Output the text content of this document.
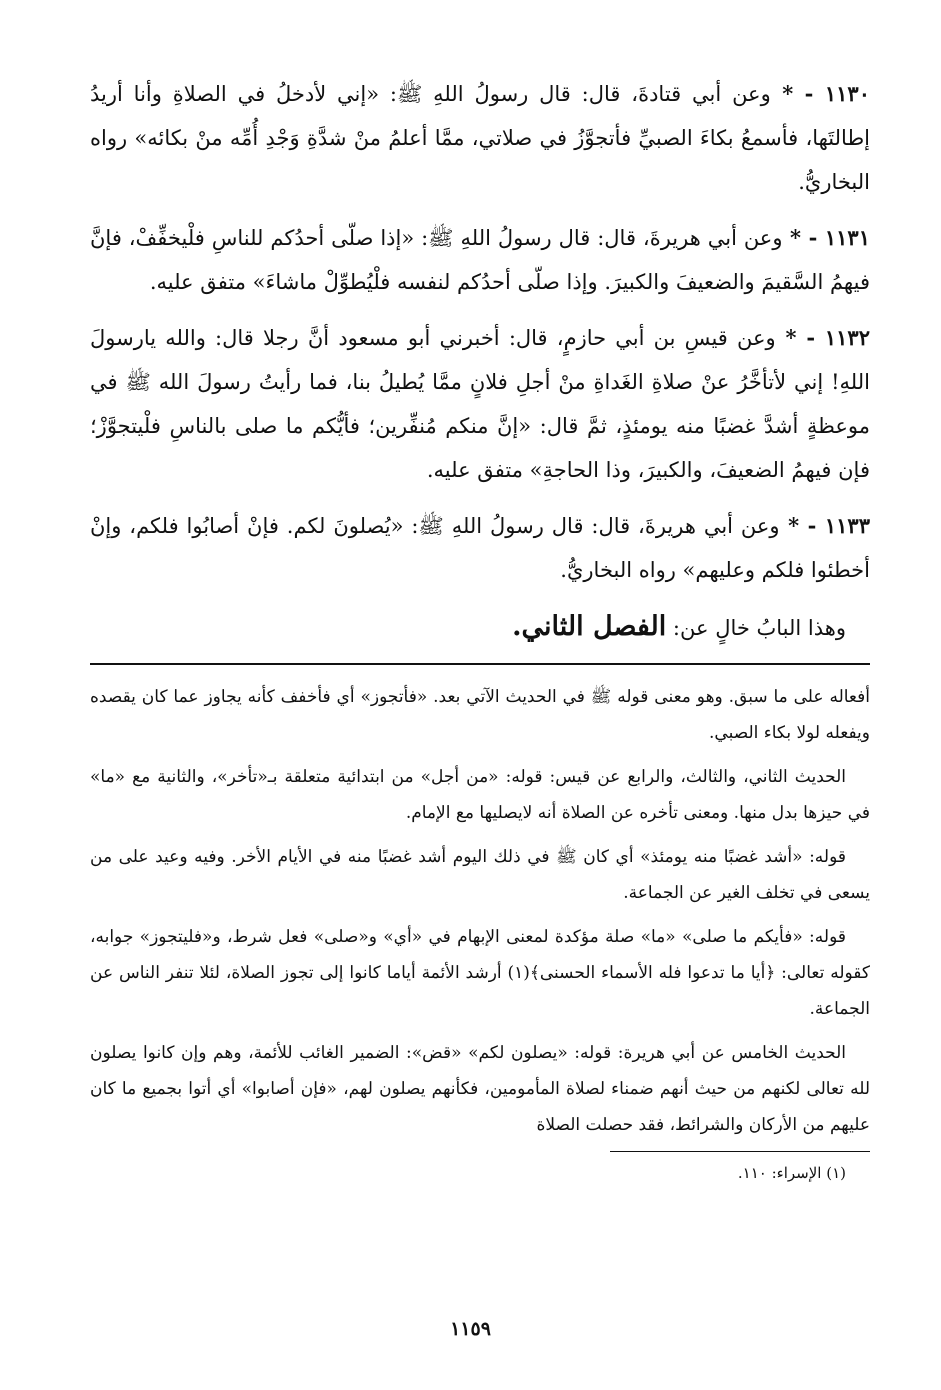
١١٣٠ - * وعن أبي قتادةَ، قال: قال رسولُ اللهِ ﷺ: «إني لأدخلُ في الصلاةِ وأنا أريدُ إطالتَها، فأسمعُ بكاءَ الصبيِّ فأتجوَّزُ في صلاتي، ممَّا أعلمُ منْ شدَّةِ وَجْدِ أُمِّه منْ بكائه» رواه البخاريُّ.

١١٣١ - * وعن أبي هريرةَ، قال: قال رسولُ اللهِ ﷺ: «إذا صلّى أحدُكم للناسِ فلْيخفِّفْ، فإنَّ فيهمُ السَّقيمَ والضعيفَ والكبيرَ. وإذا صلّى أحدُكم لنفسه فلْيُطوِّلْ ماشاءَ» متفق عليه.

١١٣٢ - * وعن قيسِ بن أبي حازمٍ، قال: أخبرني أبو مسعود أنَّ رجلا قال: والله يارسولَ اللهِ! إني لأتأخَّرُ عنْ صلاةِ الغَداةِ منْ أجلِ فلانٍ ممَّا يُطيلُ بنا، فما رأيتُ رسولَ الله ﷺ في موعظةٍ أشدَّ غضبًا منه يومئذٍ، ثمَّ قال: «إنَّ منكم مُنفِّرين؛ فأيُّكم ما صلى بالناسِ فلْيتجوَّزْ؛ فإن فيهمُ الضعيفَ، والكبيرَ، وذا الحاجةِ» متفق عليه.

١١٣٣ - * وعن أبي هريرةَ، قال: قال رسولُ اللهِ ﷺ: «يُصلونَ لكم. فإنْ أصابُوا فلكم، وإنْ أخطئوا فلكم وعليهم» رواه البخاريُّ.

وهذا البابُ خالٍ عن: الفصل الثاني.

أفعاله على ما سبق. وهو معنى قوله ﷺ في الحديث الآتي بعد. «فأتجوز» أي فأخفف كأنه يجاوز عما كان يقصده ويفعله لولا بكاء الصبي.

الحديث الثاني، والثالث، والرابع عن قيس: قوله: «من أجل» من ابتدائية متعلقة بـ«تأخر»، والثانية مع «ما» في حيزها بدل منها. ومعنى تأخره عن الصلاة أنه لايصليها مع الإمام.

قوله: «أشد غضبًا منه يومئذ» أي كان ﷺ في ذلك اليوم أشد غضبًا منه في الأيام الأخر. وفيه وعيد على من يسعى في تخلف الغير عن الجماعة.

قوله: «فأيكم ما صلى» «ما» صلة مؤكدة لمعنى الإبهام في «أي» و«صلى» فعل شرط، و«فليتجوز» جوابه، كقوله تعالى: ﴿أيا ما تدعوا فله الأسماء الحسنى﴾(١) أرشد الأئمة أياما كانوا إلى تجوز الصلاة، لئلا تنفر الناس عن الجماعة.

الحديث الخامس عن أبي هريرة: قوله: «يصلون لكم» «قض»: الضمير الغائب للأئمة، وهم وإن كانوا يصلون لله تعالى لكنهم من حيث أنهم ضمناء لصلاة المأمومين، فكأنهم يصلون لهم، «فإن أصابوا» أي أتوا بجميع ما كان عليهم من الأركان والشرائط، فقد حصلت الصلاة

(١) الإسراء: ١١٠.

١١٥٩
